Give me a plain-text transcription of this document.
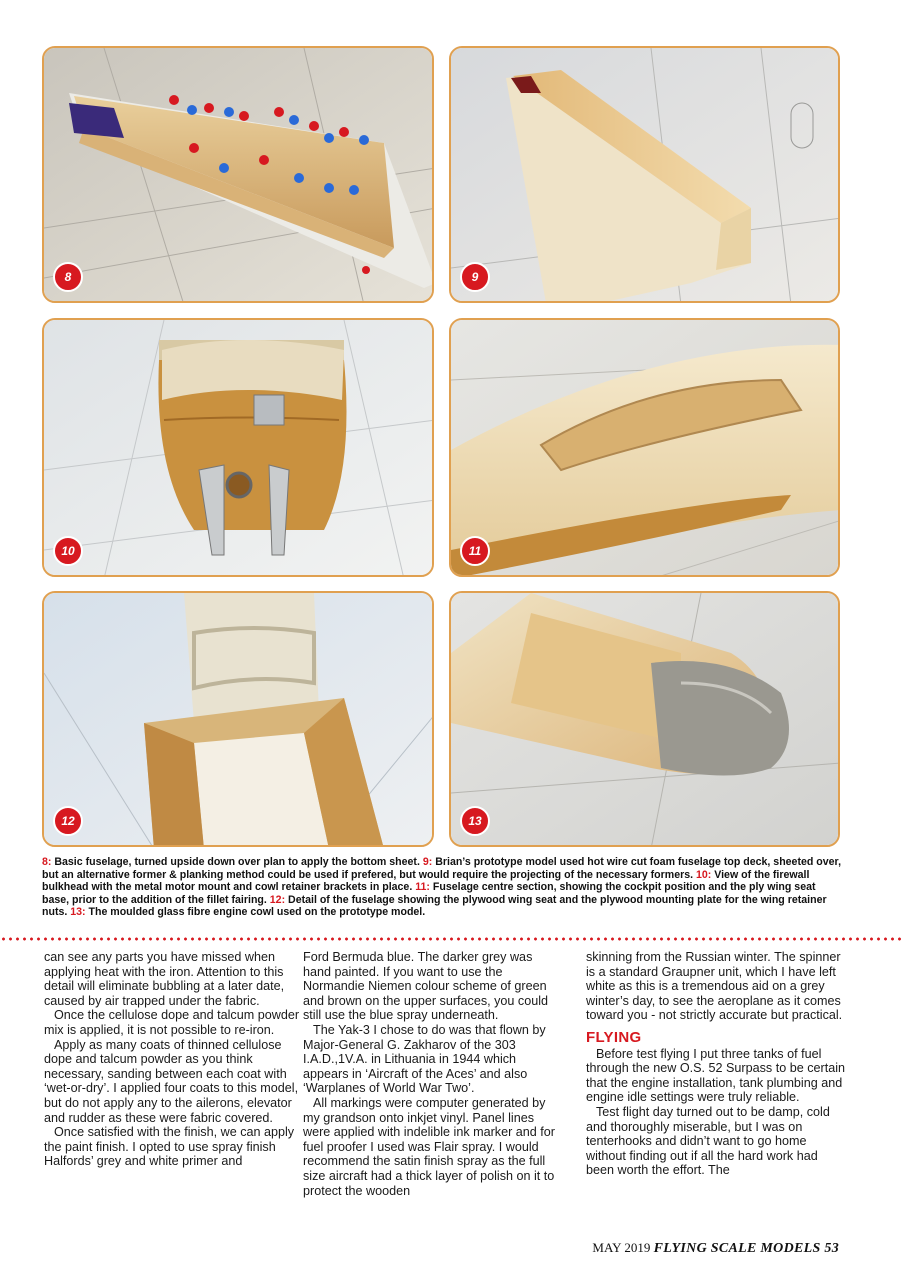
8	9
10	11
12	13
8: Basic fuselage, turned upside down over plan to apply the bottom sheet. 9: Brian’s prototype model used hot wire cut foam fuselage top deck, sheeted over, but an alternative former & planking method could be used if prefered, but would require the projecting of the necessary formers. 10: View of the firewall bulkhead with the metal motor mount and cowl retainer brackets in place. 11: Fuselage centre section, showing the cockpit position and the ply wing seat base, prior to the addition of the fillet fairing. 12: Detail of the fuselage showing the plywood wing seat and the plywood mounting plate for the wing retainer nuts. 13: The moulded glass fibre engine cowl used on the prototype model.

can see any parts you have missed when applying heat with the iron. Attention to this detail will eliminate bubbling at a later date, caused by air trapped under the fabric.

Once the cellulose dope and talcum powder mix is applied, it is not possible to re-iron.

Apply as many coats of thinned cellulose dope and talcum powder as you think necessary, sanding between each coat with ‘wet-or-dry’. I applied four coats to this model, but do not apply any to the ailerons, elevator and rudder as these were fabric covered.

Once satisfied with the finish, we can apply the paint finish. I opted to use spray finish Halfords’ grey and white primer and

Ford Bermuda blue. The darker grey was hand painted. If you want to use the Normandie Niemen colour scheme of green and brown on the upper surfaces, you could still use the blue spray underneath.

The Yak-3 I chose to do was that flown by Major-General G. Zakharov of the 303 I.A.D.,1V.A. in Lithuania in 1944 which appears in ‘Aircraft of the Aces’ and also ‘Warplanes of World War Two’.

All markings were computer generated by my grandson onto inkjet vinyl. Panel lines were applied with indelible ink marker and for fuel proofer I used was Flair spray. I would recommend the satin finish spray as the full size aircraft had a thick layer of polish on it to protect the wooden

skinning from the Russian winter. The spinner is a standard Graupner unit, which I have left white as this is a tremendous aid on a grey winter’s day, to see the aeroplane as it comes toward you - not strictly accurate but practical.

FLYING

Before test flying I put three tanks of fuel through the new O.S. 52 Surpass to be certain that the engine installation, tank plumbing and engine idle settings were truly reliable.

Test flight day turned out to be damp, cold and thoroughly miserable, but I was on tenterhooks and didn’t want to go home without finding out if all the hard work had been worth the effort. The

MAY 2019 FLYING SCALE MODELS 53
